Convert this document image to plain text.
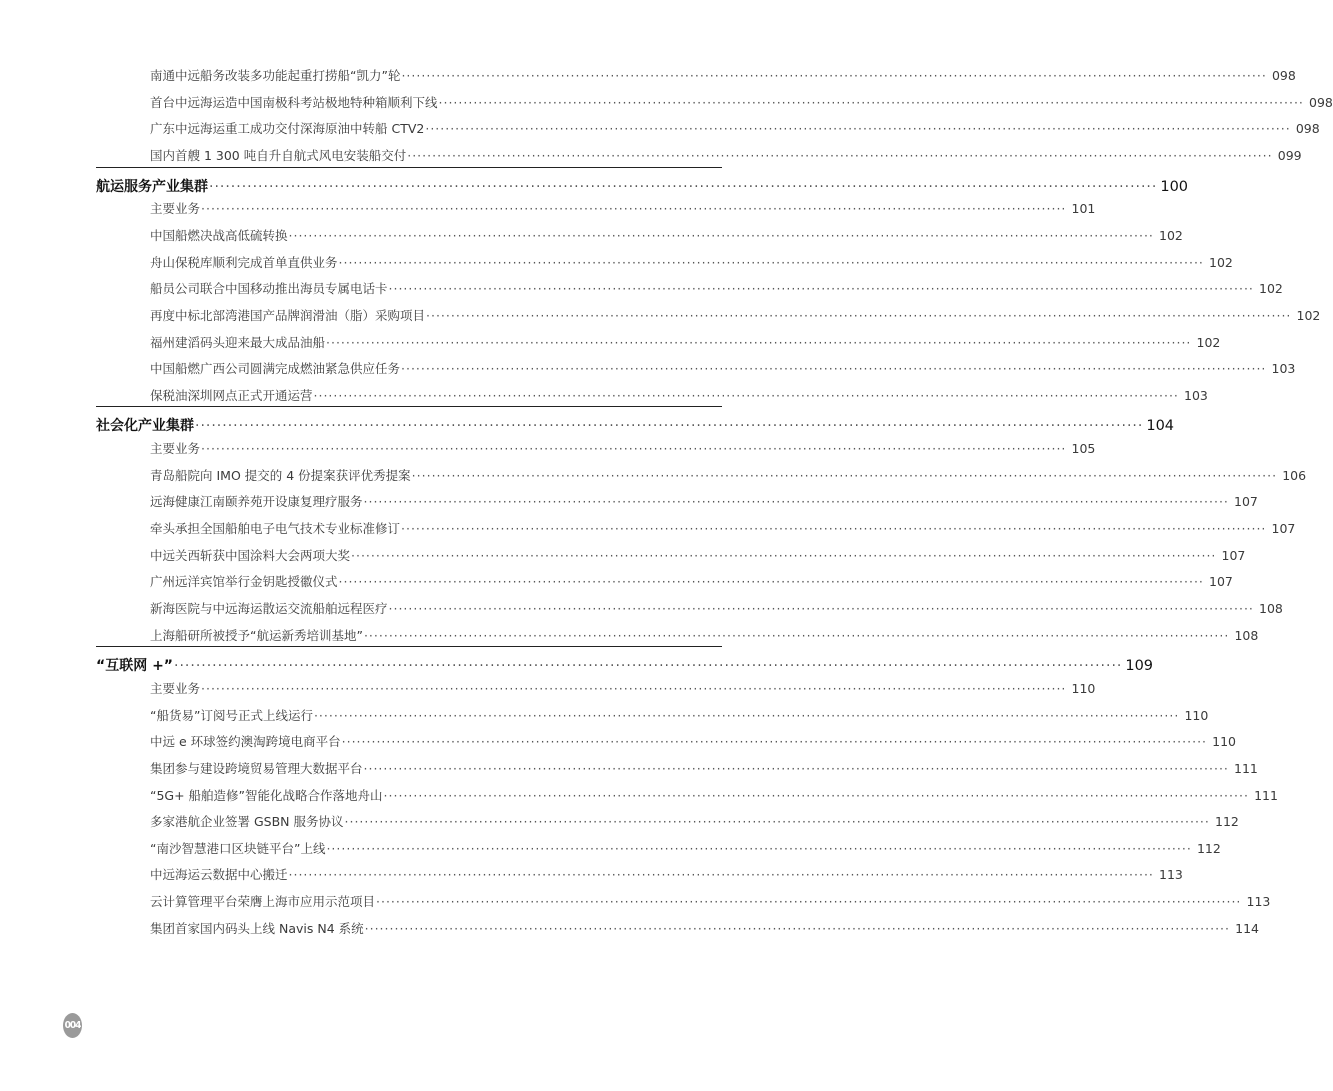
南通中远船务改装多功能起重打捞船“凯力”轮 ·············································································································································································· 098
首台中远海运造中国南极科考站极地特种箱顺利下线 ·············································································································································································· 098
广东中远海运重工成功交付深海原油中转船 CTV2 ·············································································································································································· 098
国内首艘 1 300 吨自升自航式风电安装船交付 ·············································································································································································· 099
航运服务产业集群 ·············································································································································································· 100
主要业务 ·············································································································································································· 101
中国船燃决战高低硫转换 ·············································································································································································· 102
舟山保税库顺利完成首单直供业务 ·············································································································································································· 102
船员公司联合中国移动推出海员专属电话卡 ·············································································································································································· 102
再度中标北部湾港国产品牌润滑油（脂）采购项目 ·············································································································································································· 102
福州建滔码头迎来最大成品油船 ·············································································································································································· 102
中国船燃广西公司圆满完成燃油紧急供应任务 ·············································································································································································· 103
保税油深圳网点正式开通运营 ·············································································································································································· 103
社会化产业集群 ·············································································································································································· 104
主要业务 ·············································································································································································· 105
青岛船院向 IMO 提交的 4 份提案获评优秀提案 ·············································································································································································· 106
远海健康江南颐养苑开设康复理疗服务 ·············································································································································································· 107
牵头承担全国船舶电子电气技术专业标准修订 ·············································································································································································· 107
中远关西斩获中国涂料大会两项大奖 ·············································································································································································· 107
广州远洋宾馆举行金钥匙授徽仪式 ·············································································································································································· 107
新海医院与中远海运散运交流船舶远程医疗 ·············································································································································································· 108
上海船研所被授予“航运新秀培训基地” ·············································································································································································· 108
“互联网 +” ·············································································································································································· 109
主要业务 ·············································································································································································· 110
“船货易”订阅号正式上线运行 ·············································································································································································· 110
中远 e 环球签约澳淘跨境电商平台 ·············································································································································································· 110
集团参与建设跨境贸易管理大数据平台 ·············································································································································································· 111
“5G+ 船舶造修”智能化战略合作落地舟山 ·············································································································································································· 111
多家港航企业签署 GSBN 服务协议 ·············································································································································································· 112
“南沙智慧港口区块链平台”上线 ·············································································································································································· 112
中远海运云数据中心搬迁 ·············································································································································································· 113
云计算管理平台荣膺上海市应用示范项目 ·············································································································································································· 113
集团首家国内码头上线 Navis N4 系统 ·············································································································································································· 114
004
